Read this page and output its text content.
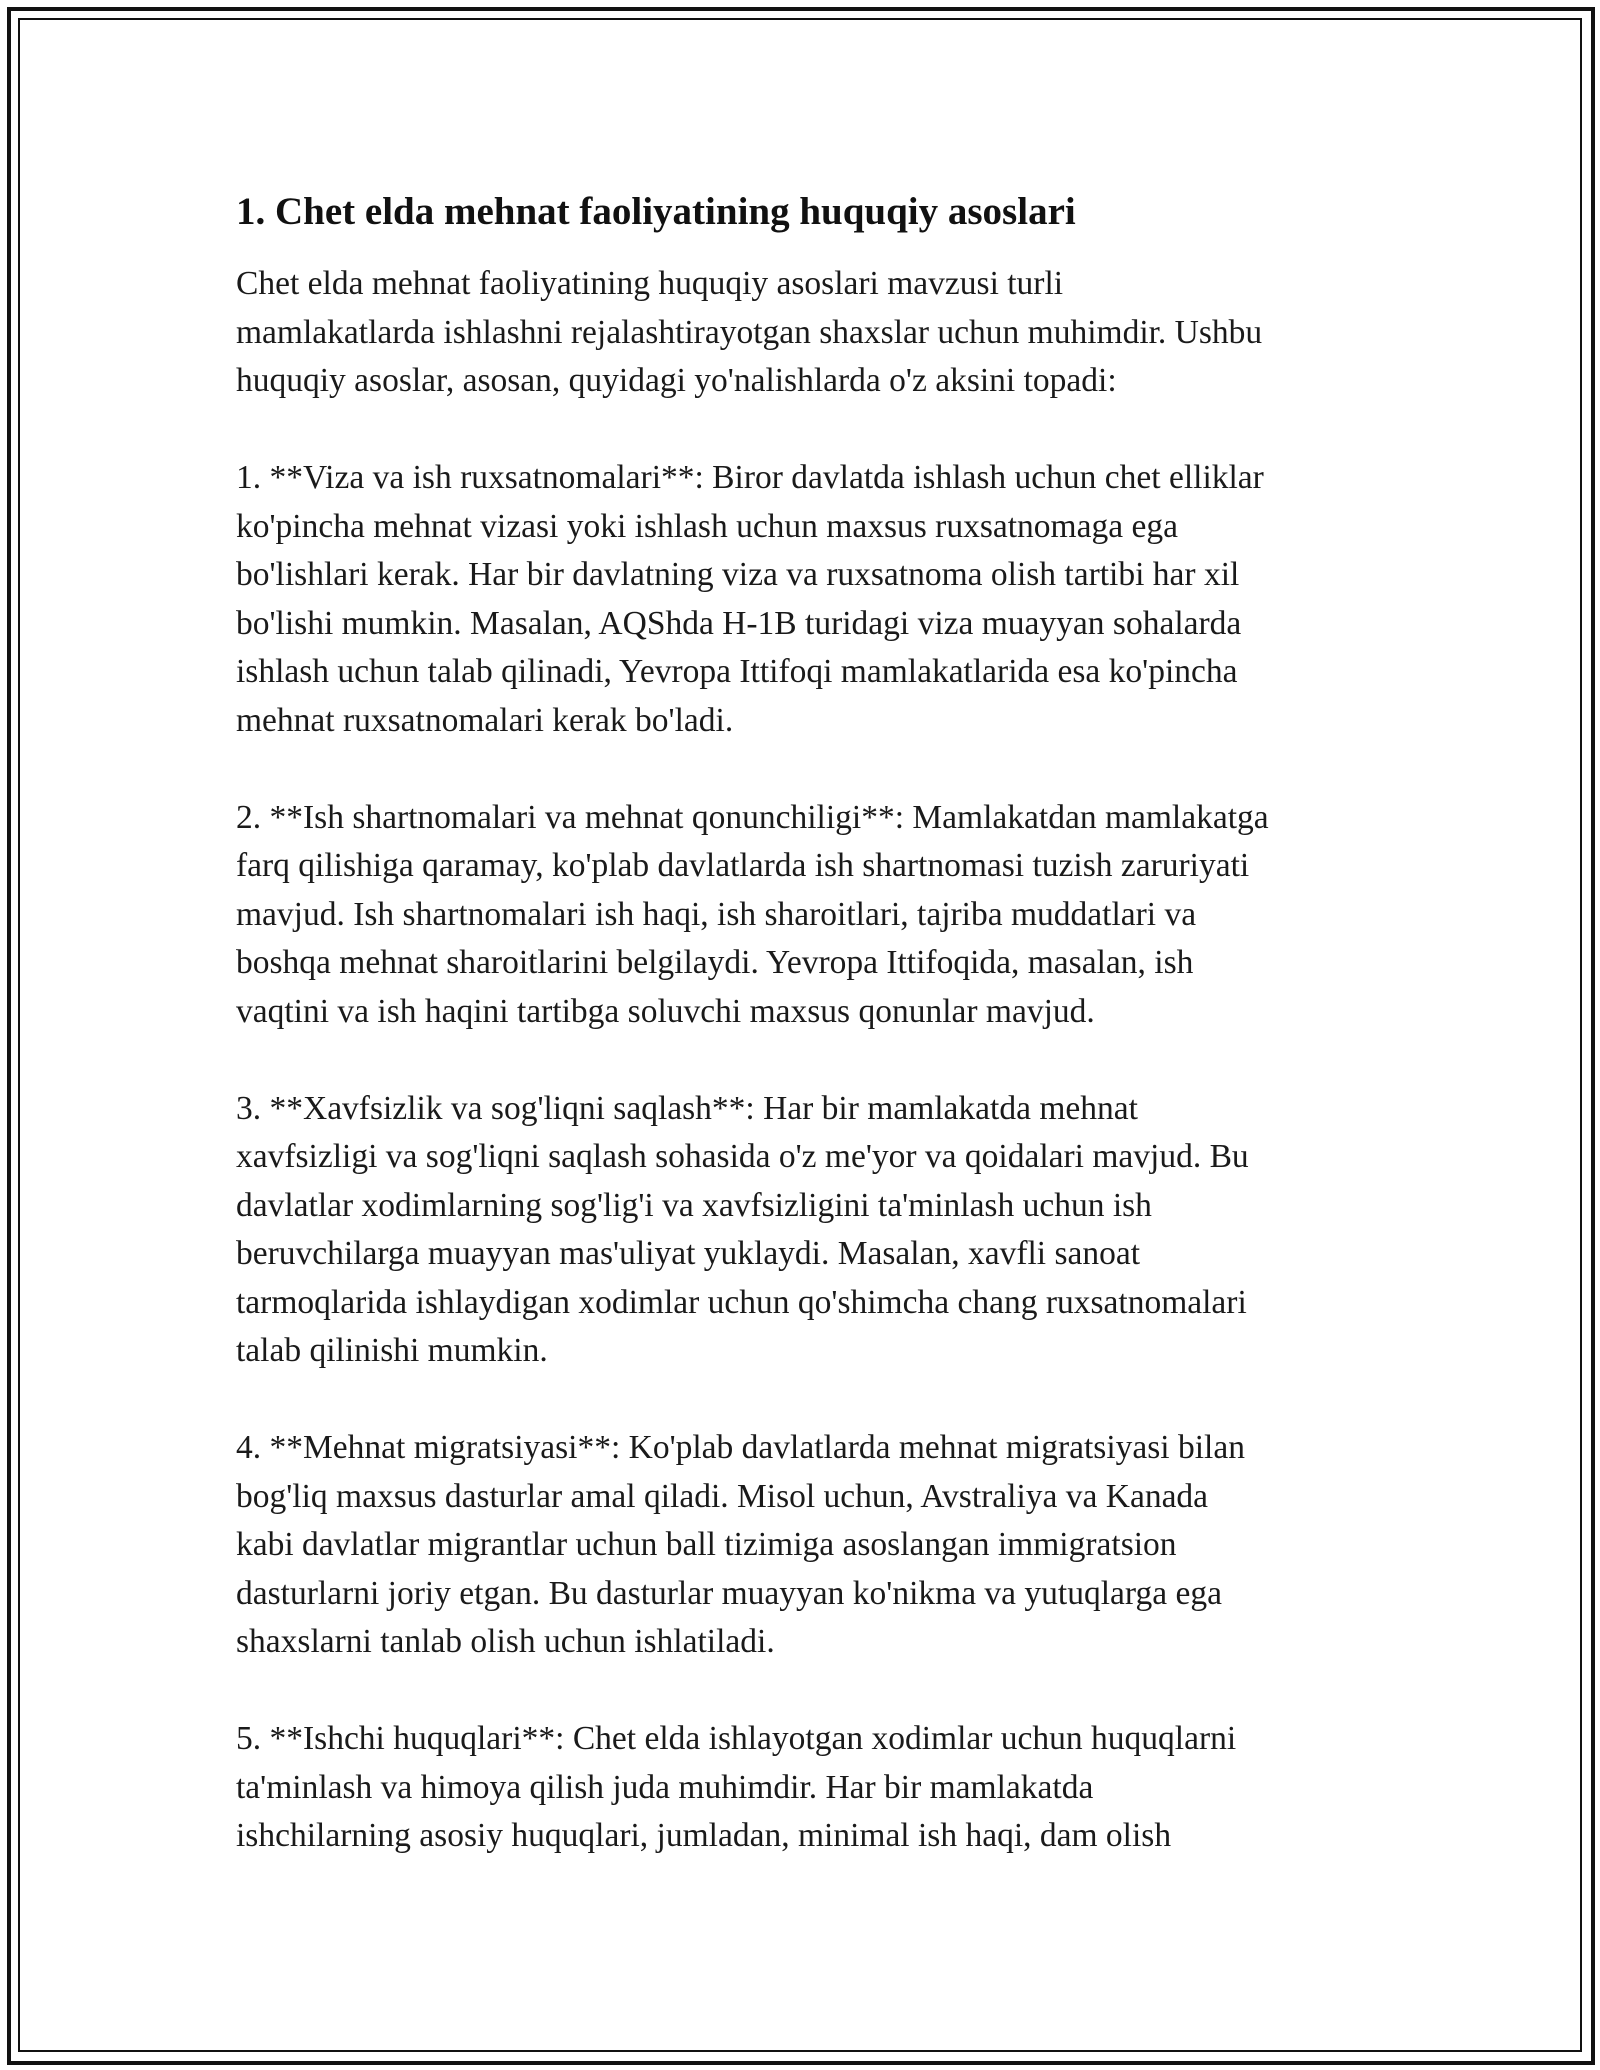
1. Chet elda mehnat faoliyatining huquqiy asoslari

Chet elda mehnat faoliyatining huquqiy asoslari mavzusi turli
mamlakatlarda ishlashni rejalashtirayotgan shaxslar uchun muhimdir. Ushbu
huquqiy asoslar, asosan, quyidagi yo'nalishlarda o'z aksini topadi:

1. **Viza va ish ruxsatnomalari**: Biror davlatda ishlash uchun chet elliklar
ko'pincha mehnat vizasi yoki ishlash uchun maxsus ruxsatnomaga ega
bo'lishlari kerak. Har bir davlatning viza va ruxsatnoma olish tartibi har xil
bo'lishi mumkin. Masalan, AQShda H-1B turidagi viza muayyan sohalarda
ishlash uchun talab qilinadi, Yevropa Ittifoqi mamlakatlarida esa ko'pincha
mehnat ruxsatnomalari kerak bo'ladi.

2. **Ish shartnomalari va mehnat qonunchiligi**: Mamlakatdan mamlakatga
farq qilishiga qaramay, ko'plab davlatlarda ish shartnomasi tuzish zaruriyati
mavjud. Ish shartnomalari ish haqi, ish sharoitlari, tajriba muddatlari va
boshqa mehnat sharoitlarini belgilaydi. Yevropa Ittifoqida, masalan, ish
vaqtini va ish haqini tartibga soluvchi maxsus qonunlar mavjud.

3. **Xavfsizlik va sog'liqni saqlash**: Har bir mamlakatda mehnat
xavfsizligi va sog'liqni saqlash sohasida o'z me'yor va qoidalari mavjud. Bu
davlatlar xodimlarning sog'lig'i va xavfsizligini ta'minlash uchun ish
beruvchilarga muayyan mas'uliyat yuklaydi. Masalan, xavfli sanoat
tarmoqlarida ishlaydigan xodimlar uchun qo'shimcha chang ruxsatnomalari
talab qilinishi mumkin.

4. **Mehnat migratsiyasi**: Ko'plab davlatlarda mehnat migratsiyasi bilan
bog'liq maxsus dasturlar amal qiladi. Misol uchun, Avstraliya va Kanada
kabi davlatlar migrantlar uchun ball tizimiga asoslangan immigratsion
dasturlarni joriy etgan. Bu dasturlar muayyan ko'nikma va yutuqlarga ega
shaxslarni tanlab olish uchun ishlatiladi.

5. **Ishchi huquqlari**: Chet elda ishlayotgan xodimlar uchun huquqlarni
ta'minlash va himoya qilish juda muhimdir. Har bir mamlakatda
ishchilarning asosiy huquqlari, jumladan, minimal ish haqi, dam olish
